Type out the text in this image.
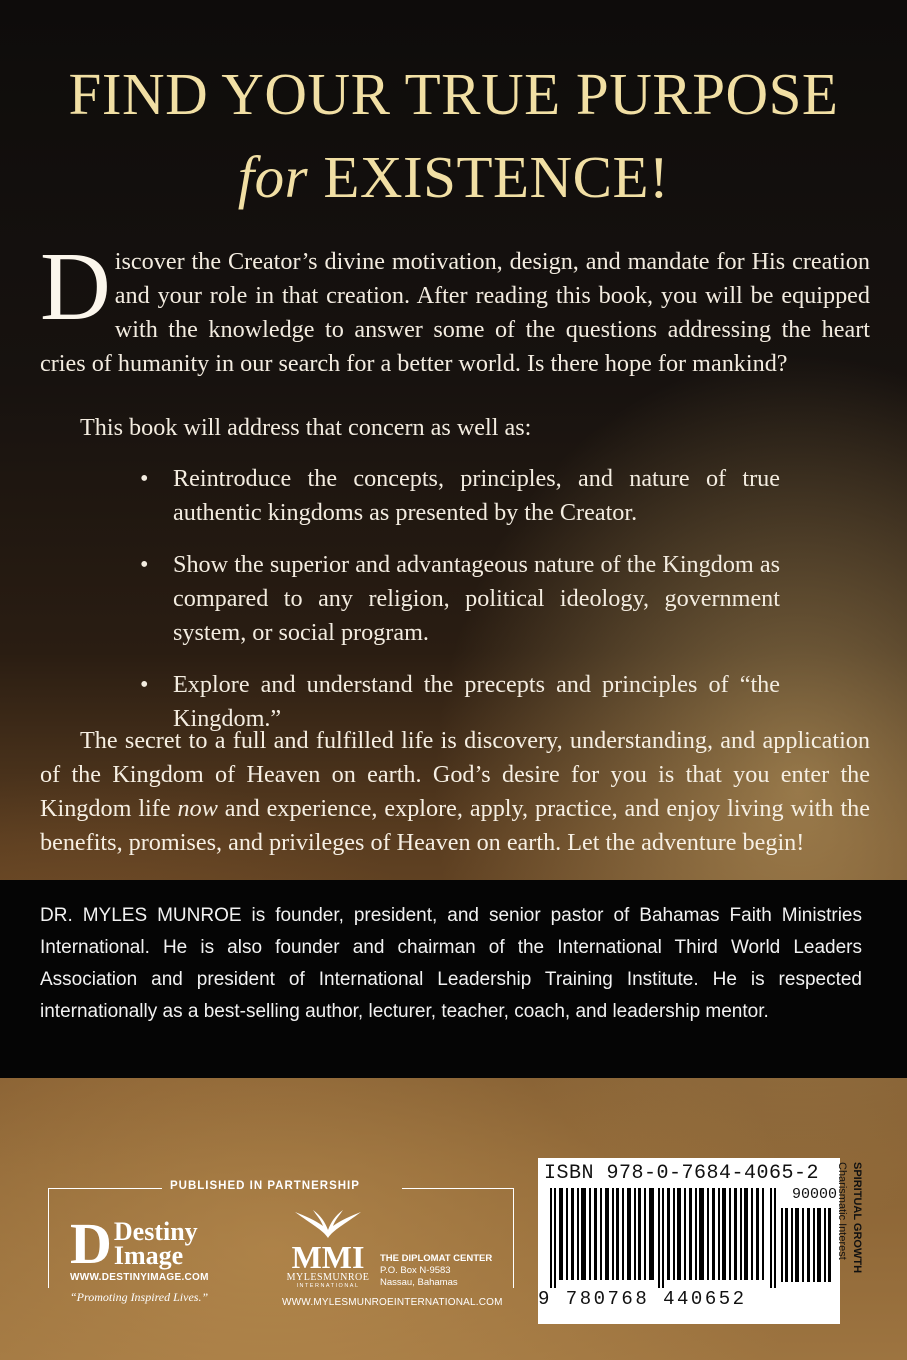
FIND YOUR TRUE PURPOSE
for EXISTENCE!
Discover the Creator’s divine motivation, design, and mandate for His creation and your role in that creation. After reading this book, you will be equipped with the knowledge to answer some of the questions addressing the heart cries of humanity in our search for a better world. Is there hope for mankind?
This book will address that concern as well as:
• Reintroduce the concepts, principles, and nature of true authentic kingdoms as presented by the Creator.
• Show the superior and advantageous nature of the Kingdom as compared to any religion, political ideology, government system, or social program.
• Explore and understand the precepts and principles of “the Kingdom.”
The secret to a full and fulfilled life is discovery, understanding, and application of the Kingdom of Heaven on earth. God’s desire for you is that you enter the Kingdom life now and experience, explore, apply, practice, and enjoy living with the benefits, promises, and privileges of Heaven on earth. Let the adventure begin!
DR. MYLES MUNROE is founder, president, and senior pastor of Bahamas Faith Ministries International. He is also founder and chairman of the International Third World Leaders Association and president of International Leadership Training Institute. He is respected internationally as a best-selling author, lecturer, teacher, coach, and leadership mentor.
PUBLISHED IN PARTNERSHIP
D Destiny
Image
WWW.DESTINYIMAGE.COM
“Promoting Inspired Lives.”
MMI
MYLESMUNROE
INTERNATIONAL
THE DIPLOMAT CENTER
P.O. Box N-9583
Nassau, Bahamas
WWW.MYLESMUNROEINTERNATIONAL.COM
ISBN 978-0-7684-4065-2
90000
9 780768 440652
SPIRITUAL GROWTH
Charismatic Interest
